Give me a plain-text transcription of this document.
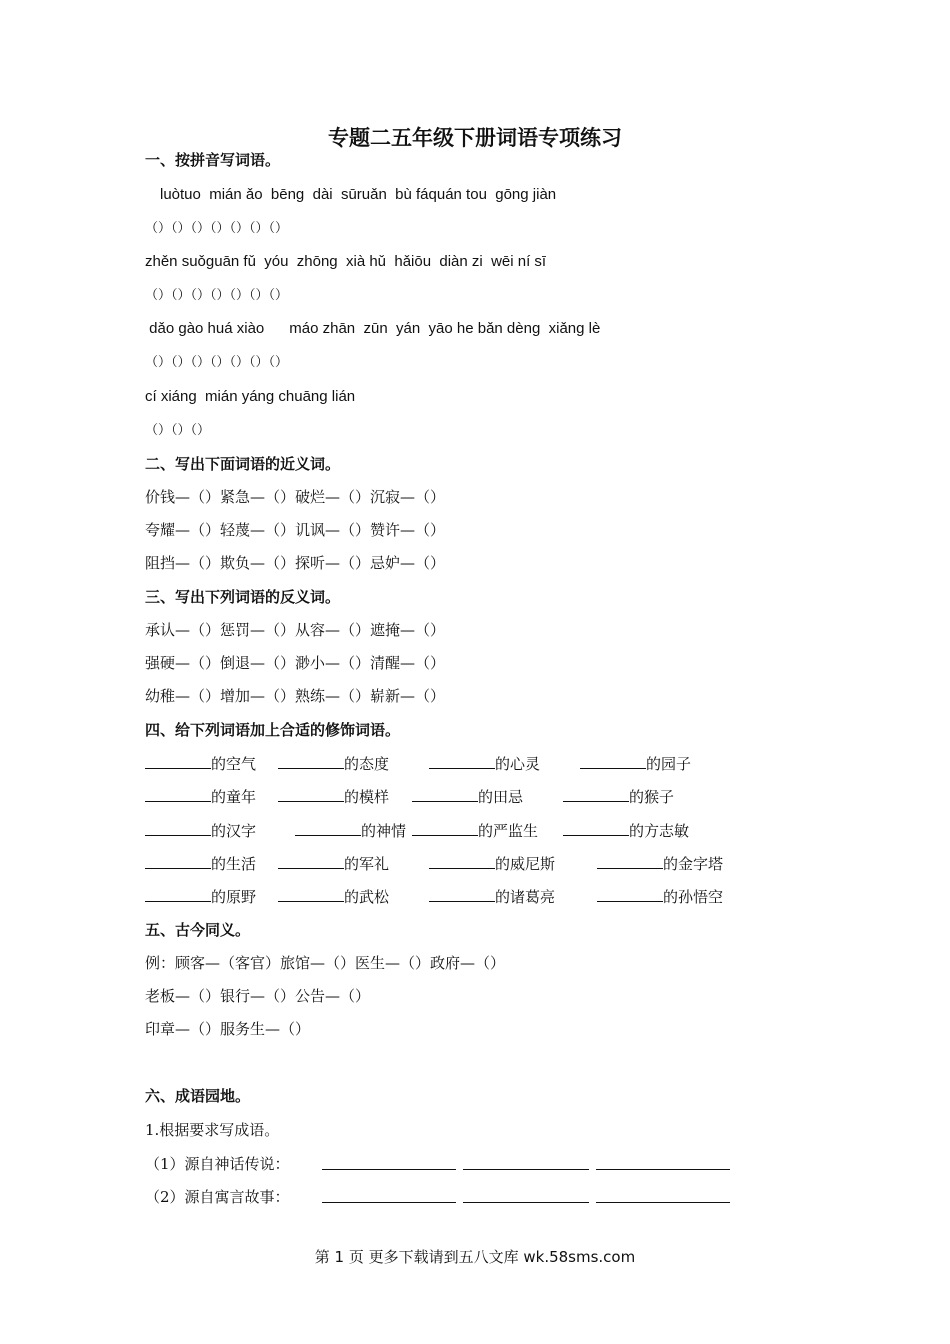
专题二五年级下册词语专项练习
一、按拼音写词语。
luòtuo  mián ǎo  bēng  dài  sūruǎn  bù fáquán tou  gōng jiàn
（）（）（）（）（）（）（）
zhěn suǒguān fǔ  yóu  zhōng  xià hǔ  hǎiōu  diàn zi  wēi ní sī
（）（）（）（）（）（）（）
dǎo gào huá xiào      máo zhān  zūn  yán  yāo he bǎn dèng  xiǎng lè
（）（）（）（）（）（）（）
cí xiáng  mián yáng chuāng lián
（）（）（）
二、写出下面词语的近义词。
价钱—（）紧急—（）破烂—（）沉寂—（）
夸耀—（）轻蔑—（）讥讽—（）赞许—（）
阻挡—（）欺负—（）探听—（）忌妒—（）
三、写出下列词语的反义词。
承认—（）惩罚—（）从容—（）遮掩—（）
强硬—（）倒退—（）渺小—（）清醒—（）
幼稚—（）增加—（）熟练—（）崭新—（）
四、给下列词语加上合适的修饰词语。
的空气	的态度	的心灵	的园子
的童年	的模样	的田忌	的猴子
的汉字	的神情	的严监生	的方志敏
的生活	的军礼	的威尼斯	的金字塔
的原野	的武松	的诸葛亮	的孙悟空
五、古今同义。
例：顾客—（客官）旅馆—（）医生—（）政府—（）
老板—（）银行—（）公告—（）
印章—（）服务生—（）
六、成语园地。
1.根据要求写成语。
（1）源自神话传说：
（2）源自寓言故事：
第 1 页 更多下载请到五八文库 wk.58sms.com
